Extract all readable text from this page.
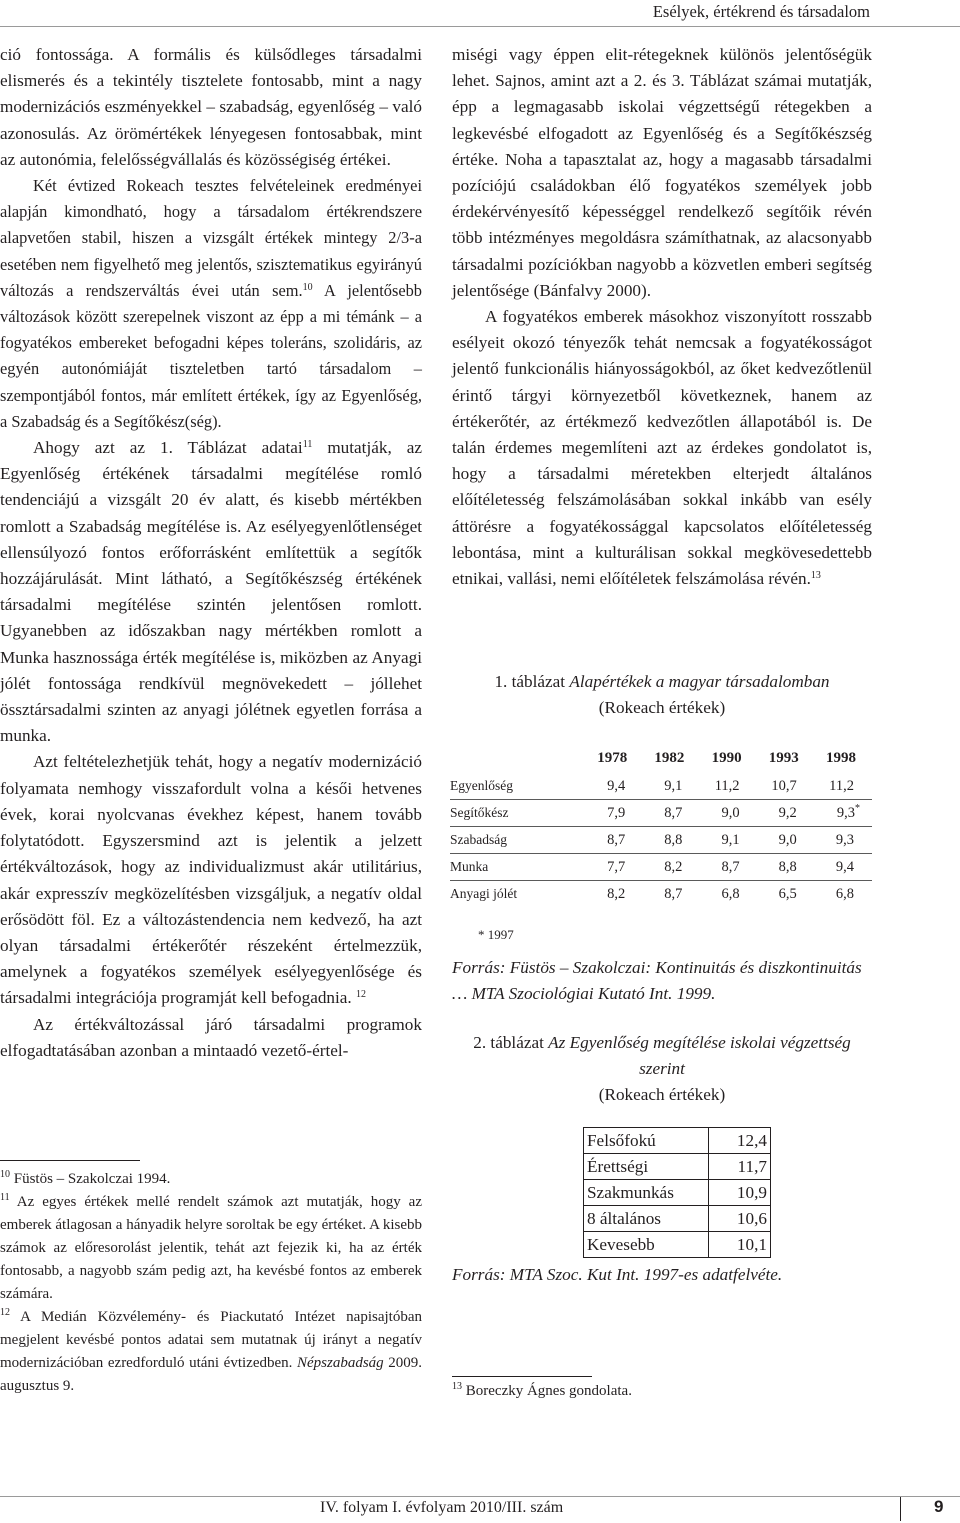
Esélyek, értékrend és társadalom

ció fontossága. A formális és külsődleges társadalmi elismerés és a tekintély tisztelete fontosabb, mint a nagy modernizációs eszményekkel – szabadság, egyenlőség – való azonosulás. Az örömértékek lényegesen fontosabbak, mint az autonómia, felelősségvállalás és közösségiség értékei.

Két évtized Rokeach tesztes felvételeinek eredményei alapján kimondható, hogy a társadalom értékrendszere alapvetően stabil, hiszen a vizsgált értékek mintegy 2/3-a esetében nem figyelhető meg jelentős, szisztematikus egyirányú változás a rendszerváltás évei után sem.$^{10}$ A jelentősebb változások között szerepelnek viszont az épp a mi témánk – a fogyatékos embereket befogadni képes toleráns, szolidáris, az egyén autonómiáját tiszteletben tartó társadalom – szempontjából fontos, már említett értékek, így az Egyenlőség, a Szabadság és a Segítőkész(ség).

Ahogy azt az 1. Táblázat adatai$^{11}$ mutatják, az Egyenlőség értékének társadalmi megítélése romló tendenciájú a vizsgált 20 év alatt, és kisebb mértékben romlott a Szabadság megítélése is. Az esélyegyenlőtlenséget ellensúlyozó fontos erőforrásként említettük a segítők hozzájárulását. Mint látható, a Segítőkészség értékének társadalmi megítélése szintén jelentősen romlott. Ugyanebben az időszakban nagy mértékben romlott a Munka hasznossága érték megítélése is, miközben az Anyagi jólét fontossága rendkívül megnövekedett – jóllehet össztársadalmi szinten az anyagi jólétnek egyetlen forrása a munka.

Azt feltételezhetjük tehát, hogy a negatív modernizáció folyamata nemhogy visszafordult volna a késői hetvenes évek, korai nyolcvanas évekhez képest, hanem tovább folytatódott. Egyszersmind azt is jelentik a jelzett értékváltozások, hogy az individualizmust akár utilitárius, akár expresszív megközelítésben vizsgáljuk, a negatív oldal erősödött föl. Ez a változástendencia nem kedvező, ha azt olyan társadalmi értékerőtér részeként értelmezzük, amelynek a fogyatékos személyek esélyegyenlősége és társadalmi integrációja programját kell befogadnia. $^{12}$

Az értékváltozással járó társadalmi programok elfogadtatásában azonban a mintaadó vezető-értel-

$^{10}$ Füstös – Szakolczai 1994.

$^{11}$ Az egyes értékek mellé rendelt számok azt mutatják, hogy az emberek átlagosan a hányadik helyre soroltak be egy értéket. A kisebb számok az előresorolást jelentik, tehát azt fejezik ki, ha az érték fontosabb, a nagyobb szám pedig azt, ha kevésbé fontos az emberek számára.

$^{12}$ A Medián Közvélemény- és Piackutató Intézet napisajtóban megjelent kevésbé pontos adatai sem mutatnak új irányt a negatív modernizációban ezredforduló utáni évtizedben. Népszabadság 2009. augusztus 9.

miségi vagy éppen elit-rétegeknek különös jelentőségük lehet. Sajnos, amint azt a 2. és 3. Táblázat számai mutatják, épp a legmagasabb iskolai végzettségű rétegekben a legkevésbé elfogadott az Egyenlőség és a Segítőkészség értéke. Noha a tapasztalat az, hogy a magasabb társadalmi pozíciójú családokban élő fogyatékos személyek jobb érdekérvényesítő képességgel rendelkező segítőik révén több intézményes megoldásra számíthatnak, az alacsonyabb társadalmi pozíciókban nagyobb a közvetlen emberi segítség jelentősége (Bánfalvy 2000).

A fogyatékos emberek másokhoz viszonyított rosszabb esélyeit okozó tényezők tehát nemcsak a fogyatékosságot jelentő funkcionális hiányosságokból, az őket kedvezőtlenül érintő tárgyi környezetből következnek, hanem az értékerőtér, az értékmező kedvezőtlen állapotából is. De talán érdemes megemlíteni azt az érdekes gondolatot is, hogy a társadalmi méretekben elterjedt általános előítéletesség felszámolásában sokkal inkább van esély áttörésre a fogyatékossággal kapcsolatos előítéletesség lebontása, mint a kulturálisan sokkal megkövesedettebb etnikai, vallási, nemi előítéletek felszámolása révén.$^{13}$

1. táblázat Alapértékek a magyar társadalomban
(Rokeach értékek)
	1978	1982	1990	1993	1998
Egyenlőség	9,4	9,1	11,2	10,7	11,2
Segítőkész	7,9	8,7	9,0	9,2	9,3*
Szabadság	8,7	8,8	9,1	9,0	9,3
Munka	7,7	8,2	8,7	8,8	9,4
Anyagi jólét	8,2	8,7	6,8	6,5	6,8
* 1997
Forrás: Füstös – Szakolczai: Kontinuitás és diszkontinuitás … MTA Szociológiai Kutató Int. 1999.
2. táblázat Az Egyenlőség megítélése iskolai végzettség szerint
(Rokeach értékek)
Felsőfokú	12,4
Érettségi	11,7
Szakmunkás	10,9
8 általános	10,6
Kevesebb	10,1
Forrás: MTA Szoc. Kut Int. 1997-es adatfelvéte.
$^{13}$ Boreczky Ágnes gondolata.
IV. folyam I. évfolyam 2010/III. szám	9
